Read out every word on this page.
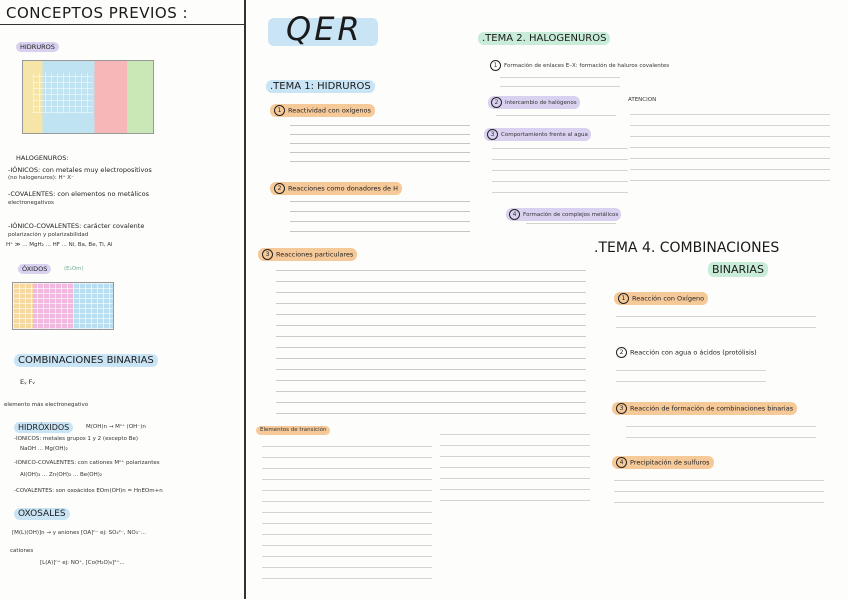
CONCEPTOS PREVIOS :
HIDRUROS
HALOGENUROS:
-IÓNICOS: con metales muy electropositivos
(no halogenuros): H⁺ X⁻
-COVALENTES: con elementos no metálicos
electronegativos
-IÓNICO-COVALENTES: carácter covalente
polarización y polarizabilidad
H⁺ ≫ ... MgH₂ ... HF ... Ni, Ba, Be, Ti, Al
ÓXIDOS	(E₂Om)
COMBINACIONES BINARIAS
Eᵧ Fᵥ
elemento más electronegativo
HIDRÓXIDOS	M(OH)n → Mⁿ⁺ (OH⁻)n
-IÓNICOS: metales grupos 1 y 2 (excepto Be)
NaOH ... Mg(OH)₂
-IÓNICO-COVALENTES: con cationes Mⁿ⁺ polarizantes
Al(OH)₃ ... Zn(OH)₂ ... Be(OH)₂
-COVALENTES: son oxoácidos EOm(OH)n = HnEOm+n
OXOSALES
[M(L)(OH)]n → y aniones [OA]ⁿ⁻ ej: SO₄²⁻, NO₃⁻...
cationes
[L(A)]ⁿ⁺ ej: NO⁺, [Co(H₂O)₆]²⁺...
QER
.TEMA 1: HIDRUROS
1 Reactividad con oxígenos
2 Reacciones como donadores de H
3 Reacciones particulares
Elementos de transición
.TEMA 2. HALOGENUROS
1 Formación de enlaces E–X: formación de haluros covalentes
2 Intercambio de halógenos	ATENCIÓN
3 Comportamiento frente al agua
4 Formación de complejos metálicos
.TEMA 4. COMBINACIONES
BINARIAS
1 Reacción con Oxígeno
2 Reacción con agua o ácidos (protólisis)
3 Reacción de formación de combinaciones binarias
4 Precipitación de sulfuros
